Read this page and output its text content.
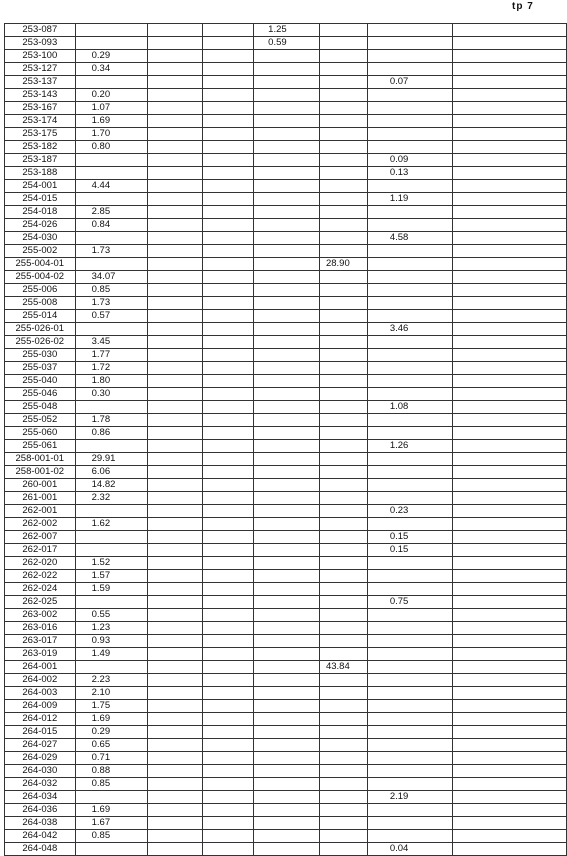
tp 7
253-087				1.25			
253-093				0.59			
253-100	0.29						
253-127	0.34						
253-137						0.07	
253-143	0.20						
253-167	1.07						
253-174	1.69						
253-175	1.70						
253-182	0.80						
253-187						0.09	
253-188						0.13	
254-001	4.44						
254-015						1.19	
254-018	2.85						
254-026	0.84						
254-030						4.58	
255-002	1.73						
255-004-01					28.90		
255-004-02	34.07						
255-006	0.85						
255-008	1.73						
255-014	0.57						
255-026-01						3.46	
255-026-02	3.45						
255-030	1.77						
255-037	1.72						
255-040	1.80						
255-046	0.30						
255-048						1.08	
255-052	1.78						
255-060	0.86						
255-061						1.26	
258-001-01	29.91						
258-001-02	6.06						
260-001	14.82						
261-001	2.32						
262-001						0.23	
262-002	1.62						
262-007						0.15	
262-017						0.15	
262-020	1.52						
262-022	1.57						
262-024	1.59						
262-025						0.75	
263-002	0.55						
263-016	1.23						
263-017	0.93						
263-019	1.49						
264-001					43.84		
264-002	2.23						
264-003	2.10						
264-009	1.75						
264-012	1.69						
264-015	0.29						
264-027	0.65						
264-029	0.71						
264-030	0.88						
264-032	0.85						
264-034						2.19	
264-036	1.69						
264-038	1.67						
264-042	0.85						
264-048						0.04	
